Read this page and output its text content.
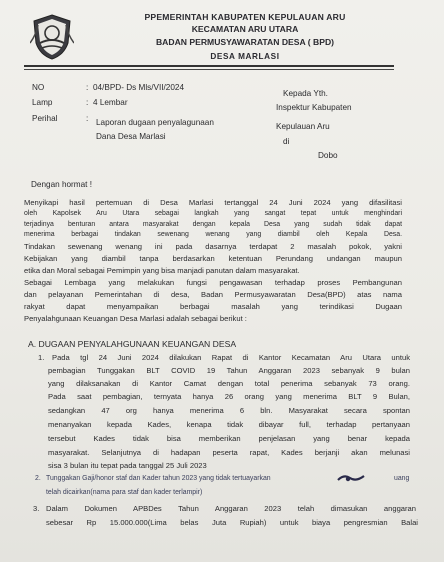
PPEMERINTAH KABUPATEN KEPULAUAN ARU
KECAMATAN ARU UTARA
BADAN PERMUSYAWARATAN DESA ( BPD)
DESA MARLASI
NO	: 04/BPD- Ds Mls/VII/2024
Lamp	: 4 Lembar
Perihal	: Laporan dugaan penyalagunaan
Dana Desa Marlasi
Kepada Yth.
Inspektur Kabupaten
Kepulauan Aru
di
Dobo
Dengan hormat !
Menyikapi hasil pertemuan di Desa Marlasi tertanggal 24 Juni 2024 yang difasilitasi
oleh Kapolsek Aru Utara sebagai langkah yang sangat tepat untuk menghindari
terjadinya benturan antara masyarakat dengan kepala Desa yang sudah tidak dapat
menerima berbagai tindakan sewenang wenang yang diambil oleh Kepala Desa.
Tindakan sewenang wenang ini pada dasarnya terdapat 2 masalah pokok, yakni
Kebijakan yang diambil tanpa berdasarkan ketentuan Perundang undangan maupun
etika dan Moral sebagai Pemimpin yang bisa manjadi panutan dalam masyarakat.
Sebagai Lembaga yang melakukan fungsi pengawasan terhadap proses Pembangunan
dan pelayanan Pemerintahan di desa, Badan Permusyawaratan Desa(BPD) atas nama
rakyat dapat menyampaikan berbagai masalah yang terindikasi Dugaan
Penyalahgunaan Keuangan Desa Marlasi adalah sebagai berikut :
A. DUGAAN PENYALAHGUNAAN KEUANGAN DESA
1. Pada tgl 24 Juni 2024 dilakukan Rapat di Kantor Kecamatan Aru Utara untuk
pembagian Tunggakan BLT COVID 19 Tahun Anggaran 2023 sebanyak 9 bulan
yang dilaksanakan di Kantor Camat dengan total penerima sebanyak 73 orang.
Pada saat pembagian, ternyata hanya 26 orang yang menerima BLT 9 Bulan,
sedangkan 47 org hanya menerima 6 bln. Masyarakat secara spontan
menanyakan kepada Kades, kenapa tidak dibayar full, terhadap pertanyaan
tersebut Kades tidak bisa memberikan penjelasan yang benar kepada
masyarakat. Selanjutnya di hadapan peserta rapat, Kades berjanji akan melunasi
sisa 3 bulan itu tepat pada tanggal 25 Juli 2023
2. Tunggakan Gaji/honor staf dan Kader tahun 2023 yang tidak tertuayarkan	uang
telah dicairkan(nama para staf dan kader terlampir)
3. Dalam Dokumen APBDes Tahun Anggaran 2023 telah dimasukan anggaran
sebesar Rp 15.000.000(Lima belas Juta Rupiah) untuk biaya pengresmian Balai
